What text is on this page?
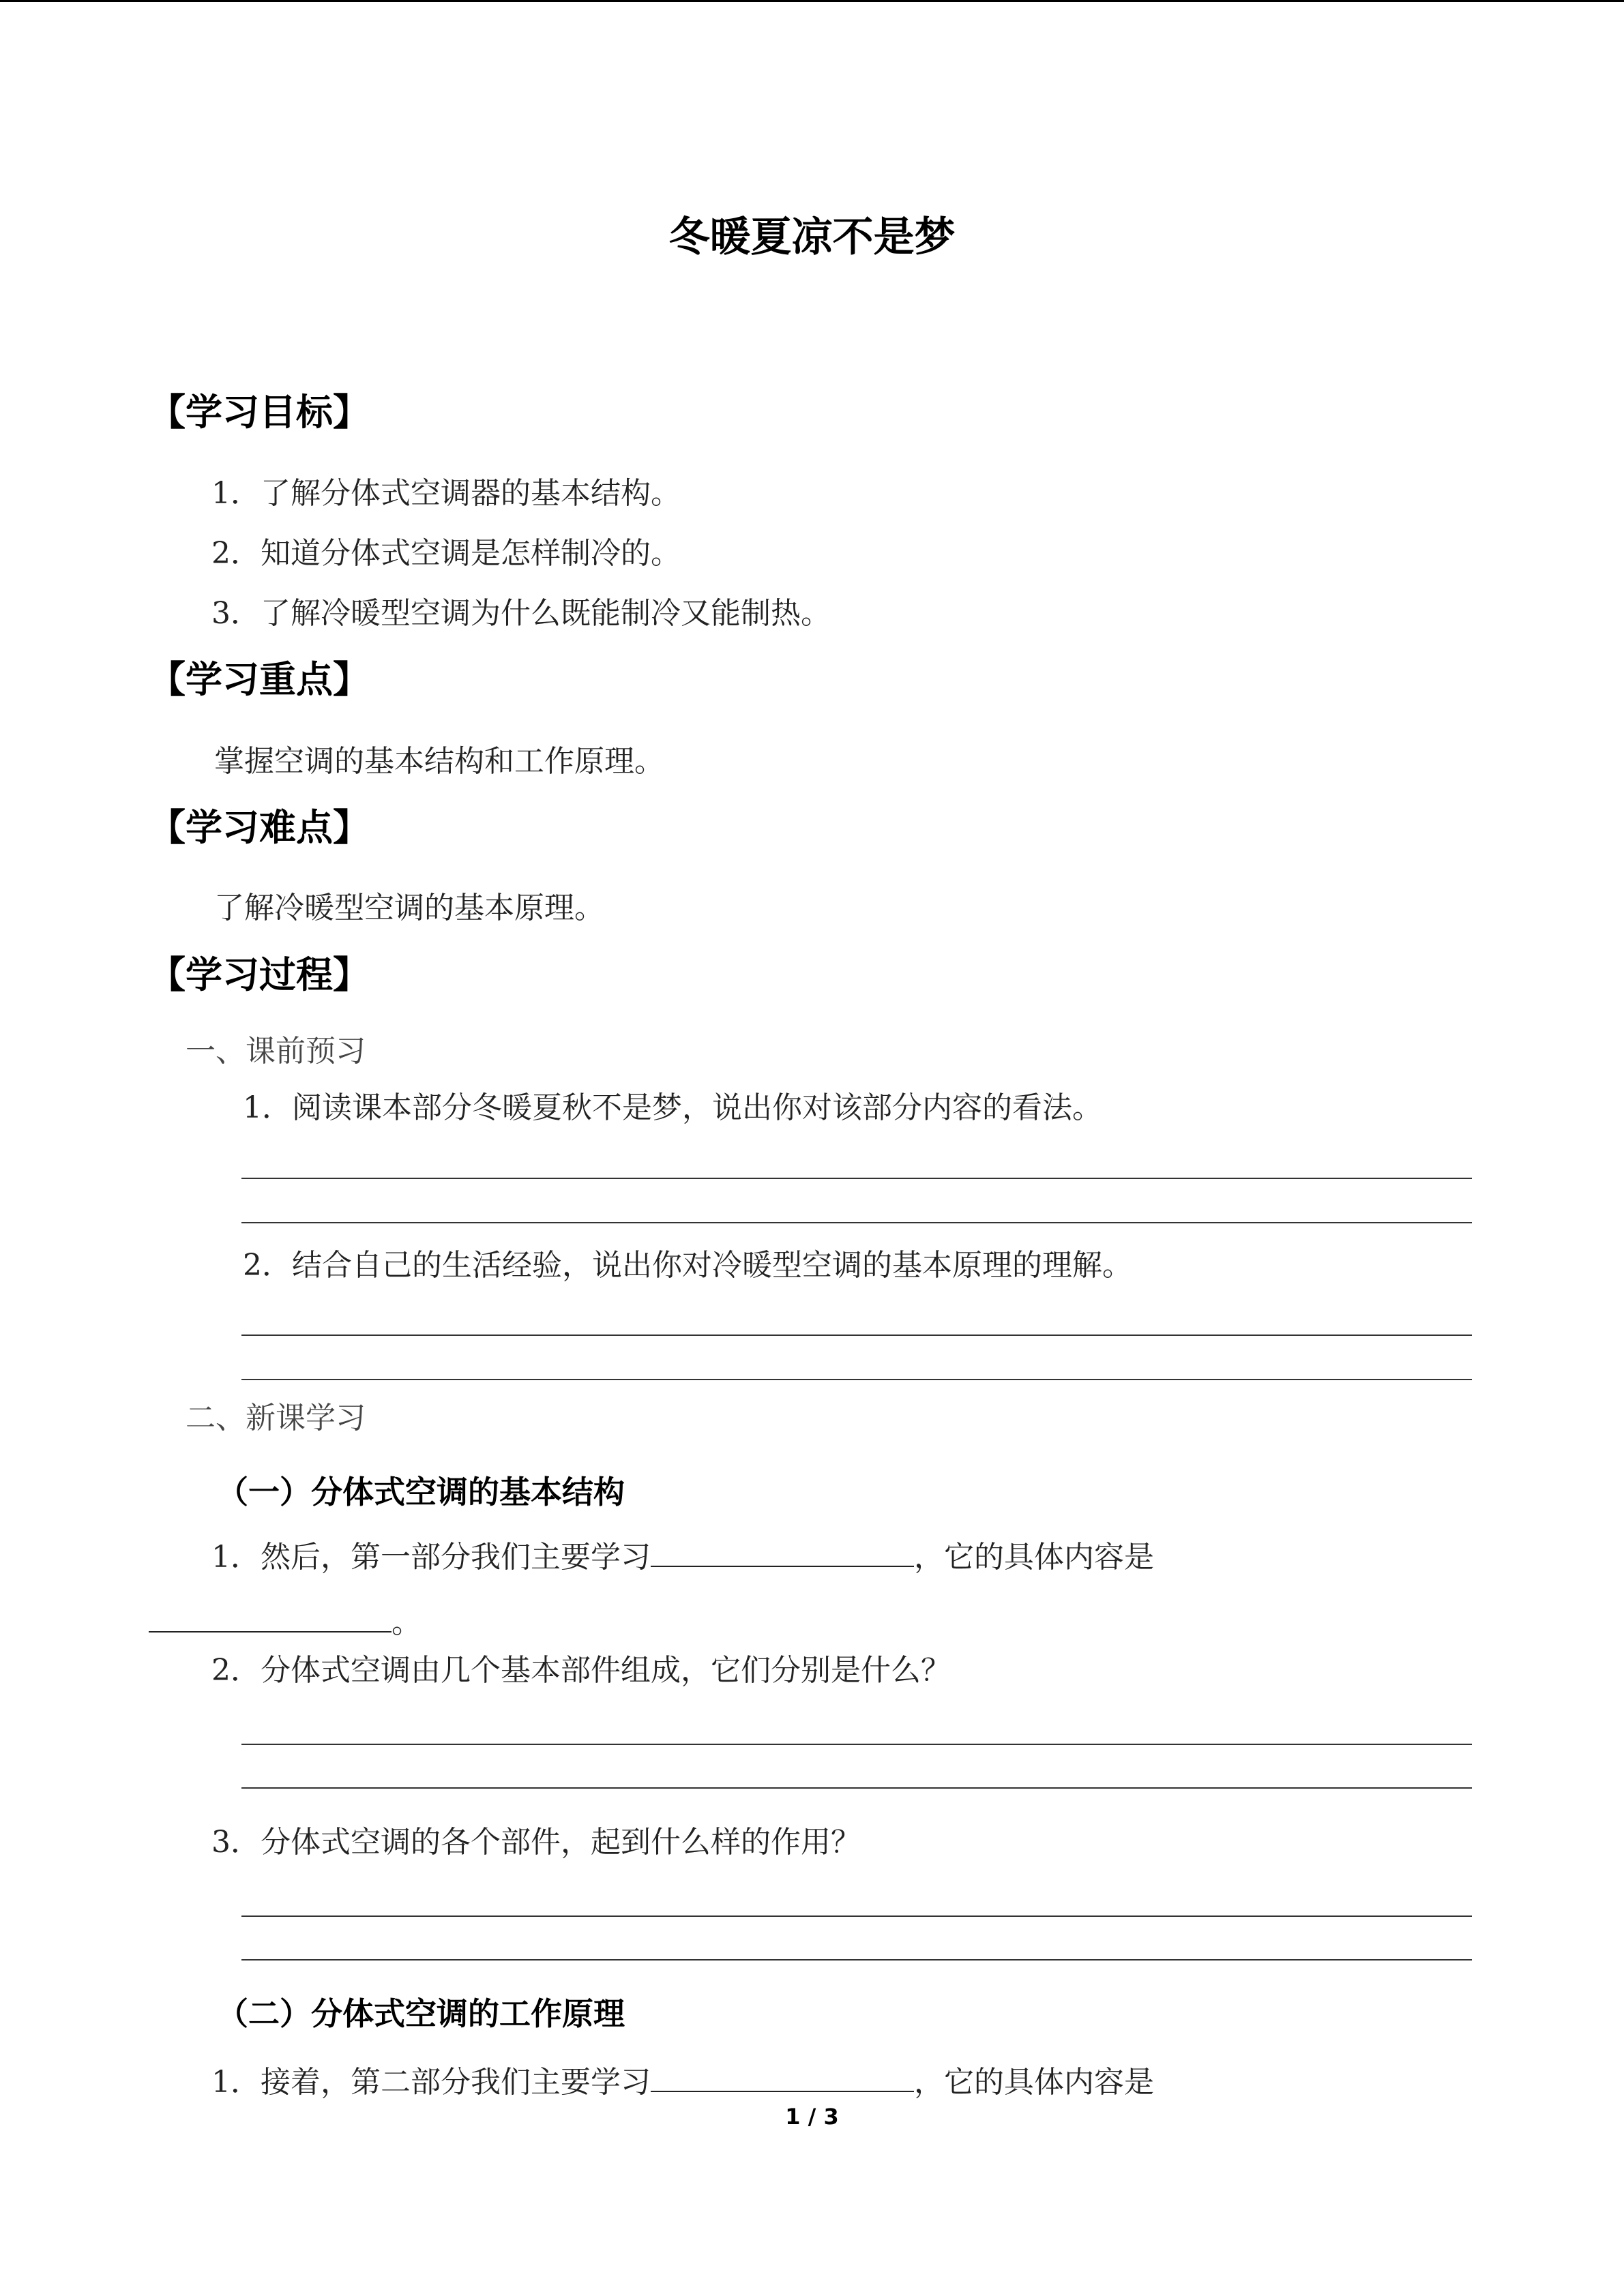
冬暖夏凉不是梦
【学习目标】
1．了解分体式空调器的基本结构。
2．知道分体式空调是怎样制冷的。
3．了解冷暖型空调为什么既能制冷又能制热。
【学习重点】
掌握空调的基本结构和工作原理。
【学习难点】
了解冷暖型空调的基本原理。
【学习过程】
一、课前预习
1．阅读课本部分冬暖夏秋不是梦，说出你对该部分内容的看法。
2．结合自己的生活经验，说出你对冷暖型空调的基本原理的理解。
二、新课学习
（一）分体式空调的基本结构
1．然后，第一部分我们主要学习	，它的具体内容是
。
2．分体式空调由几个基本部件组成，它们分别是什么？
3．分体式空调的各个部件，起到什么样的作用？
（二）分体式空调的工作原理
1．接着，第二部分我们主要学习	，它的具体内容是
1 / 3
